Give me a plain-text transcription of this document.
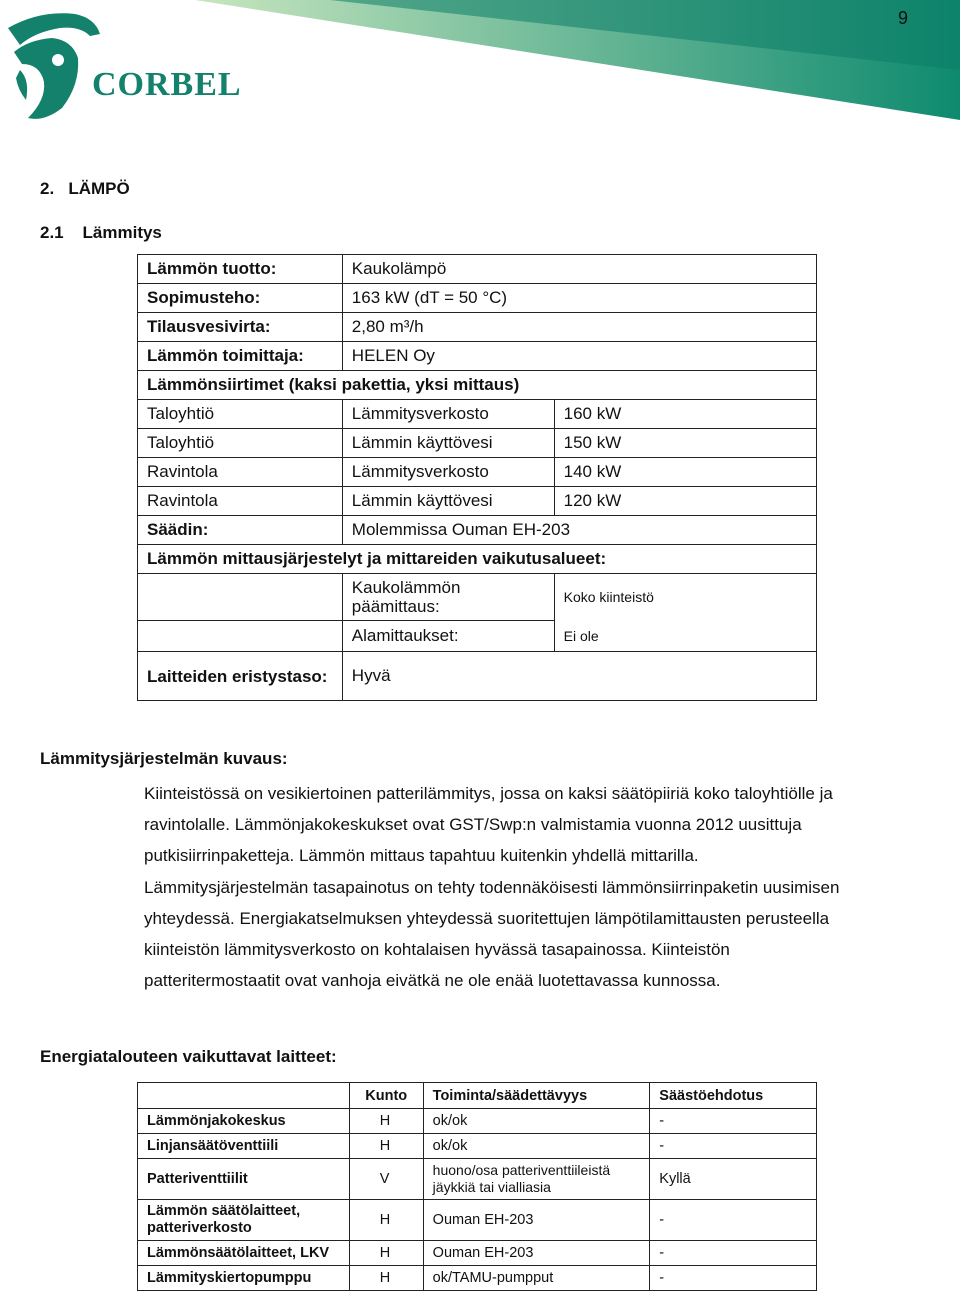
CORBEL
9
2.   LÄMPÖ
2.1    Lämmitys
Lämmön tuotto:	Kaukolämpö	
Sopimusteho:	163 kW (dT = 50 °C)	
Tilausvesivirta:	2,80 m³/h	
Lämmön toimittaja:	HELEN Oy	
Lämmönsiirtimet (kaksi pakettia, yksi mittaus)		
Taloyhtiö	Lämmitysverkosto	160 kW
Taloyhtiö	Lämmin käyttövesi	150 kW
Ravintola	Lämmitysverkosto	140 kW
Ravintola	Lämmin käyttövesi	120 kW
Säädin:	Molemmissa Ouman EH-203	
Lämmön mittausjärjestelyt ja mittareiden vaikutusalueet:		
	Kaukolämmön päämittaus:	Koko kiinteistö
	Alamittaukset:	Ei ole
Laitteiden eristystaso:	Hyvä	
Lämmitysjärjestelmän kuvaus:

Kiinteistössä on vesikiertoinen patterilämmitys, jossa on kaksi säätöpiiriä koko taloyhtiölle ja

ravintolalle. Lämmönjakokeskukset ovat GST/Swp:n valmistamia vuonna 2012 uusittuja

putkisiirrinpaketteja. Lämmön mittaus tapahtuu kuitenkin yhdellä mittarilla.

Lämmitysjärjestelmän tasapainotus on tehty todennäköisesti lämmönsiirrinpaketin uusimisen

yhteydessä. Energiakatselmuksen yhteydessä suoritettujen lämpötilamittausten perusteella

kiinteistön lämmitysverkosto on kohtalaisen hyvässä tasapainossa. Kiinteistön

patteritermostaatit ovat vanhoja eivätkä ne ole enää luotettavassa kunnossa.

Energiatalouteen vaikuttavat laitteet:
	Kunto	Toiminta/säädettävyys	Säästöehdotus
Lämmönjakokeskus	H	ok/ok	-
Linjansäätöventtiili	H	ok/ok	-
Patteriventtiilit	V	huono/osa patteriventtiileistä jäykkiä tai vialliasia	Kyllä
Lämmön säätölaitteet, patteriverkosto	H	Ouman EH-203	-
Lämmönsäätölaitteet, LKV	H	Ouman EH-203	-
Lämmityskiertopumppu	H	ok/TAMU-pumpput	-
